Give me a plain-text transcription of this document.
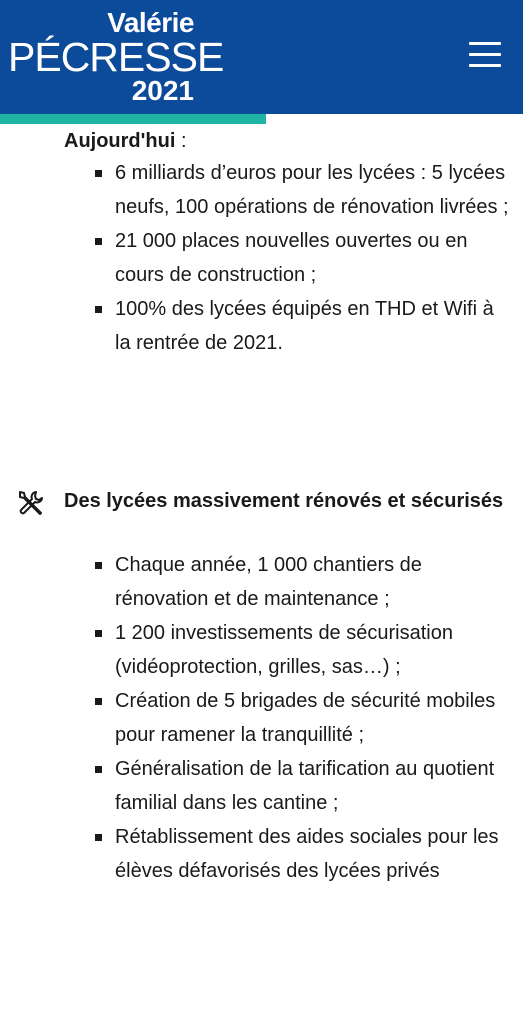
Valérie
PÉCRESSE
2021
Aujourd'hui :
6 milliards d’euros pour les lycées : 5 lycées neufs, 100 opérations de rénovation livrées ;
21 000 places nouvelles ouvertes ou en cours de construction ;
100% des lycées équipés en THD et Wifi à la rentrée de 2021.
Des lycées massivement rénovés et sécurisés
Chaque année, 1 000 chantiers de rénovation et de maintenance ;
1 200 investissements de sécurisation (vidéoprotection, grilles, sas…) ;
Création de 5 brigades de sécurité mobiles pour ramener la tranquillité ;
Généralisation de la tarification au quotient familial dans les cantine ;
Rétablissement des aides sociales pour les élèves défavorisés des lycées privés
